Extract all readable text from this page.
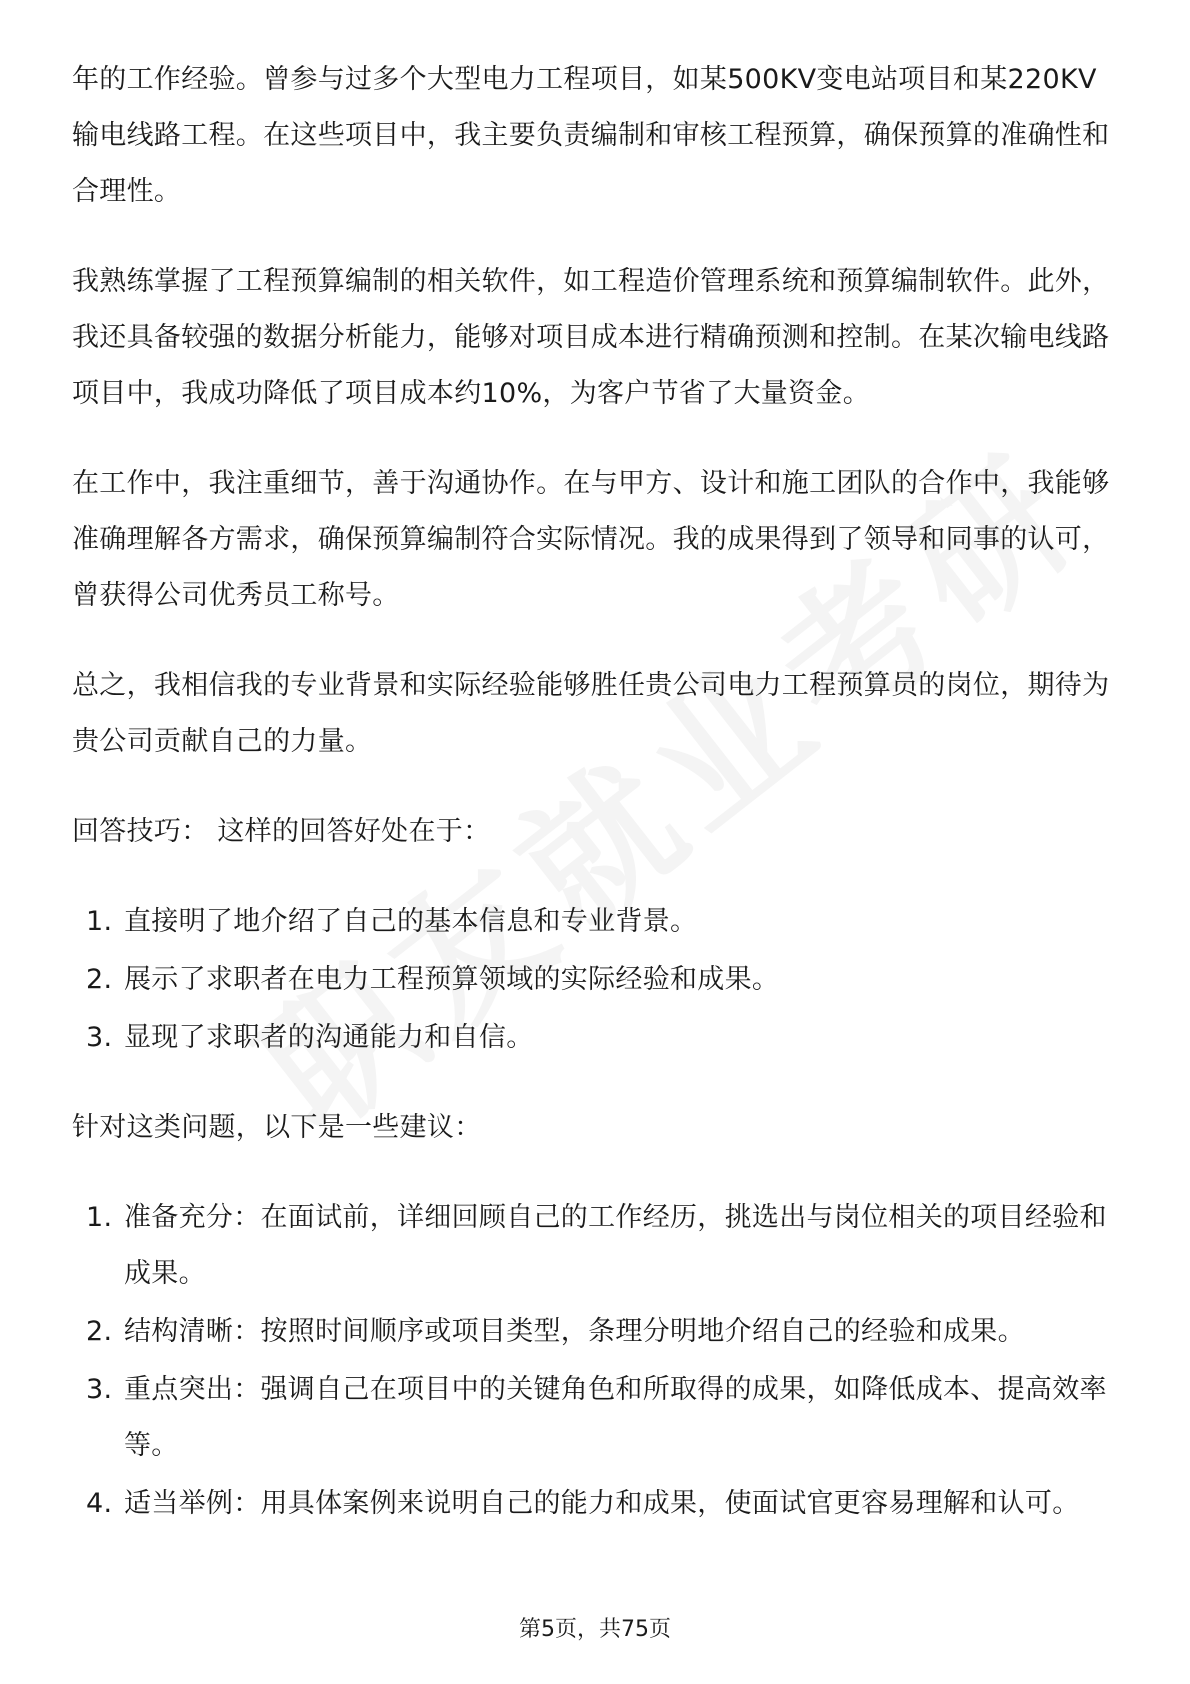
年的工作经验。曾参与过多个大型电力工程项目，如某500KV变电站项目和某220KV输电线路工程。在这些项目中，我主要负责编制和审核工程预算，确保预算的准确性和合理性。

我熟练掌握了工程预算编制的相关软件，如工程造价管理系统和预算编制软件。此外，我还具备较强的数据分析能力，能够对项目成本进行精确预测和控制。在某次输电线路项目中，我成功降低了项目成本约10%，为客户节省了大量资金。

在工作中，我注重细节，善于沟通协作。在与甲方、设计和施工团队的合作中，我能够准确理解各方需求，确保预算编制符合实际情况。我的成果得到了领导和同事的认可，曾获得公司优秀员工称号。

总之，我相信我的专业背景和实际经验能够胜任贵公司电力工程预算员的岗位，期待为贵公司贡献自己的力量。

回答技巧： 这样的回答好处在于：

1. 直接明了地介绍了自己的基本信息和专业背景。
2. 展示了求职者在电力工程预算领域的实际经验和成果。
3. 显现了求职者的沟通能力和自信。

针对这类问题，以下是一些建议：

1. 准备充分：在面试前，详细回顾自己的工作经历，挑选出与岗位相关的项目经验和成果。
2. 结构清晰：按照时间顺序或项目类型，条理分明地介绍自己的经验和成果。
3. 重点突出：强调自己在项目中的关键角色和所取得的成果，如降低成本、提高效率等。
4. 适当举例：用具体案例来说明自己的能力和成果，使面试官更容易理解和认可。
第5页，共75页
